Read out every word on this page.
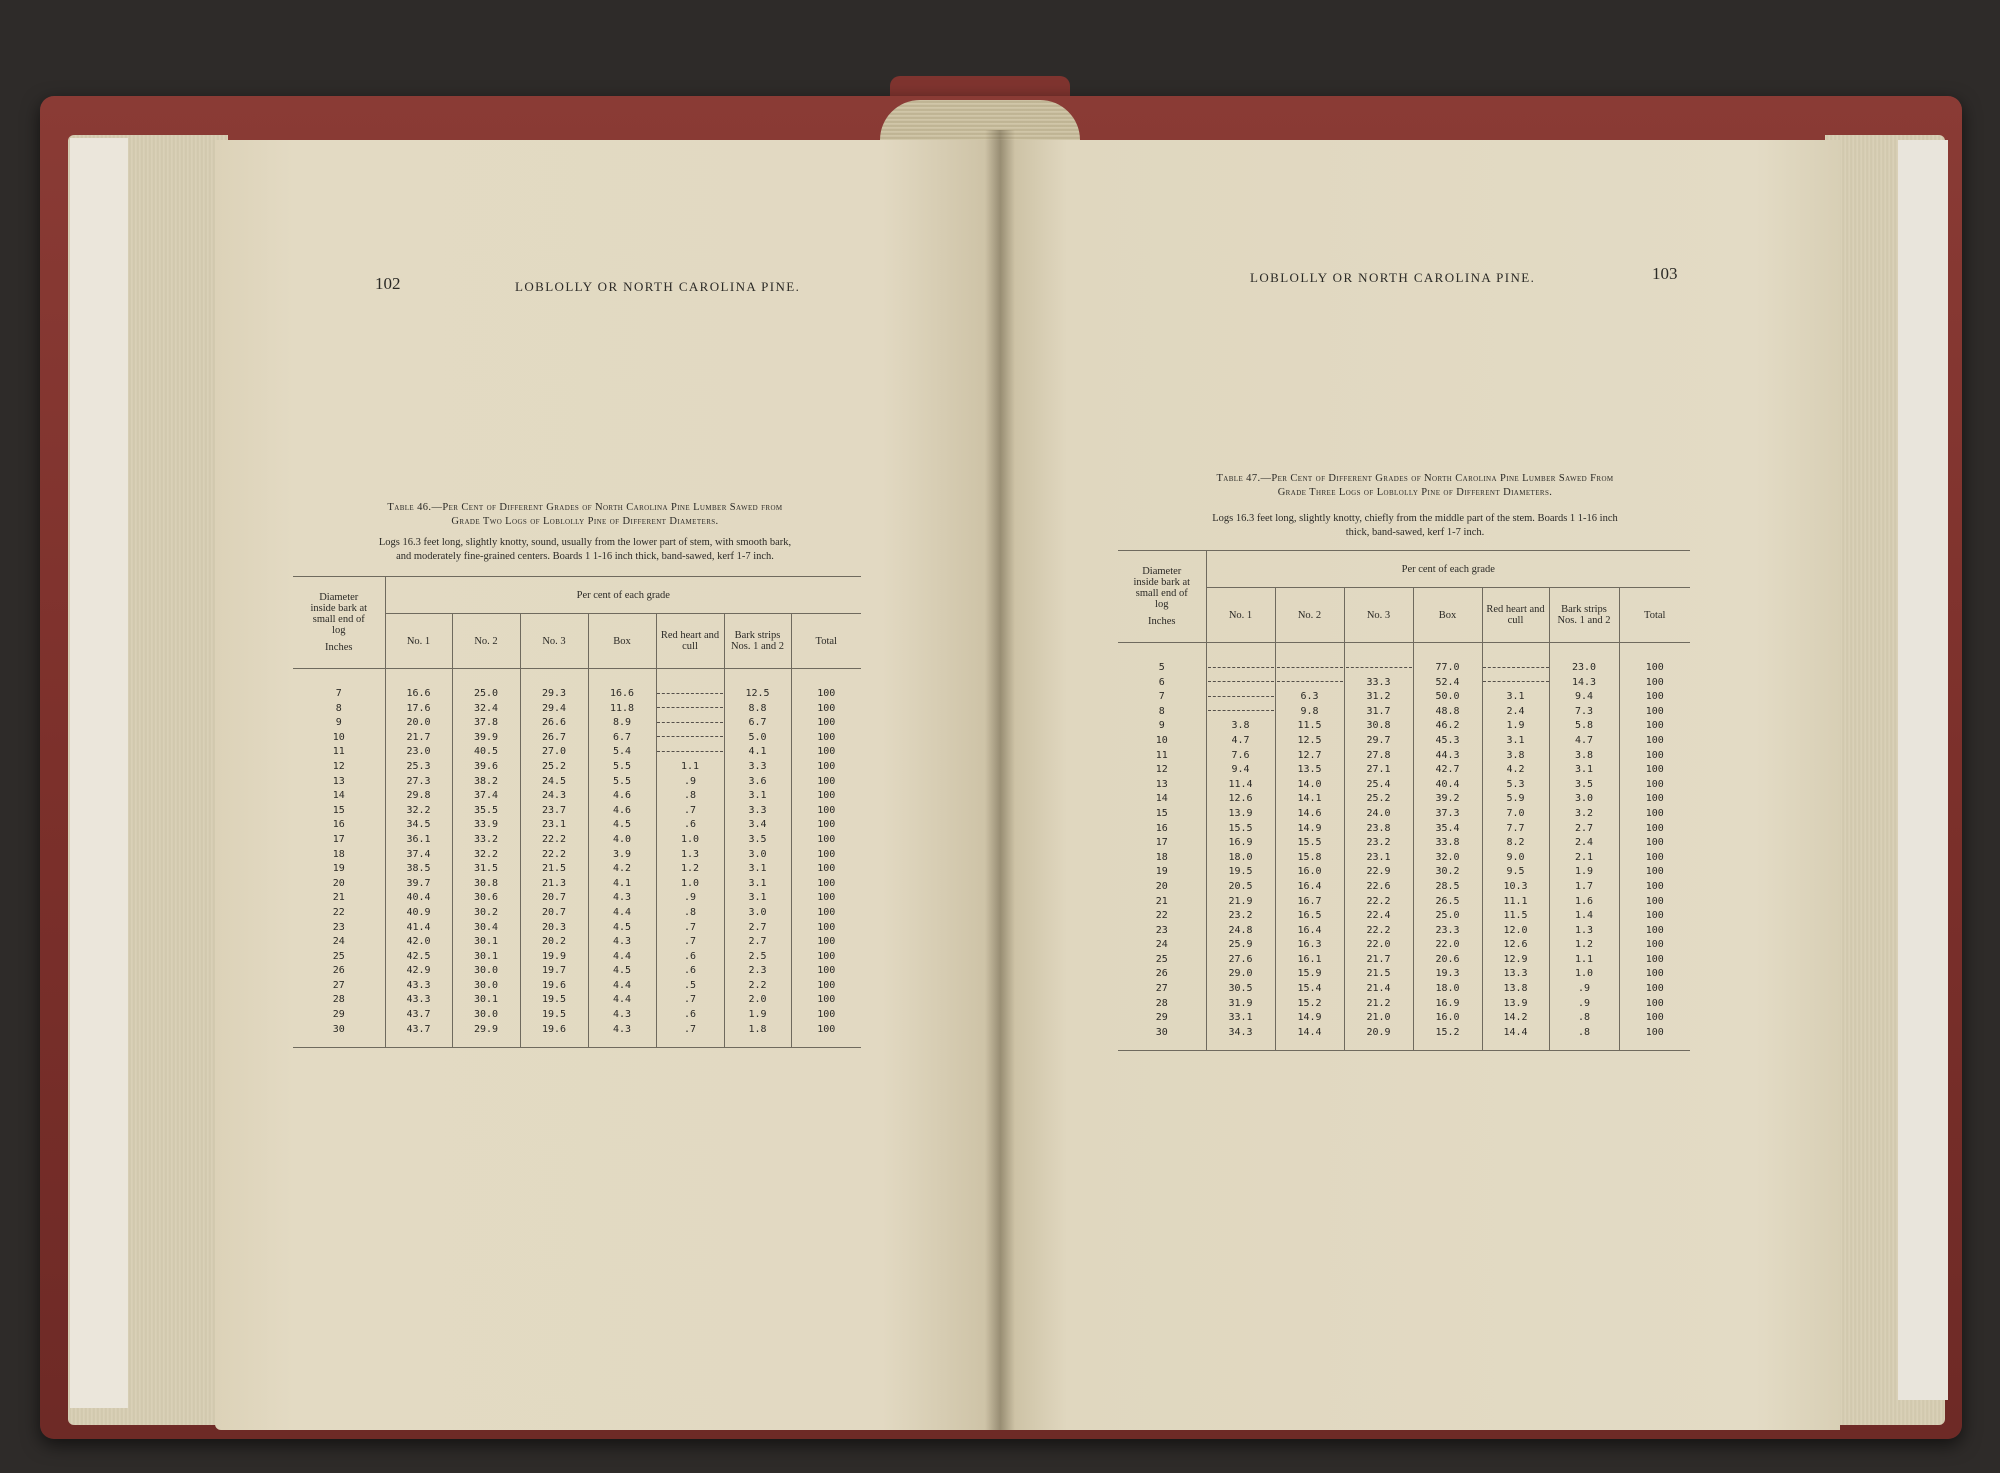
102	LOBLOLLY OR NORTH CAROLINA PINE.
Table 46.—Per Cent of Different Grades of North Carolina Pine Lumber Sawed from
Grade Two Logs of Loblolly Pine of Different Diameters.
Logs 16.3 feet long, slightly knotty, sound, usually from the lower part of stem, with smooth bark,
and moderately fine-grained centers. Boards 1 1-16 inch thick, band-sawed, kerf 1-7 inch.
Diameter inside bark at small end of log
Inches	Per cent of each grade						
	No. 1	No. 2	No. 3	Box	Red heart and cull	Bark strips Nos. 1 and 2	Total
7	16.6	25.0	29.3	16.6		12.5	100
8	17.6	32.4	29.4	11.8		8.8	100
9	20.0	37.8	26.6	8.9		6.7	100
10	21.7	39.9	26.7	6.7		5.0	100
11	23.0	40.5	27.0	5.4		4.1	100
12	25.3	39.6	25.2	5.5	1.1	3.3	100
13	27.3	38.2	24.5	5.5	.9	3.6	100
14	29.8	37.4	24.3	4.6	.8	3.1	100
15	32.2	35.5	23.7	4.6	.7	3.3	100
16	34.5	33.9	23.1	4.5	.6	3.4	100
17	36.1	33.2	22.2	4.0	1.0	3.5	100
18	37.4	32.2	22.2	3.9	1.3	3.0	100
19	38.5	31.5	21.5	4.2	1.2	3.1	100
20	39.7	30.8	21.3	4.1	1.0	3.1	100
21	40.4	30.6	20.7	4.3	.9	3.1	100
22	40.9	30.2	20.7	4.4	.8	3.0	100
23	41.4	30.4	20.3	4.5	.7	2.7	100
24	42.0	30.1	20.2	4.3	.7	2.7	100
25	42.5	30.1	19.9	4.4	.6	2.5	100
26	42.9	30.0	19.7	4.5	.6	2.3	100
27	43.3	30.0	19.6	4.4	.5	2.2	100
28	43.3	30.1	19.5	4.4	.7	2.0	100
29	43.7	30.0	19.5	4.3	.6	1.9	100
30	43.7	29.9	19.6	4.3	.7	1.8	100
LOBLOLLY OR NORTH CAROLINA PINE.	103
Table 47.—Per Cent of Different Grades of North Carolina Pine Lumber Sawed From
Grade Three Logs of Loblolly Pine of Different Diameters.
Logs 16.3 feet long, slightly knotty, chiefly from the middle part of the stem. Boards 1 1-16 inch
thick, band-sawed, kerf 1-7 inch.
Diameter inside bark at small end of log
Inches	Per cent of each grade						
	No. 1	No. 2	No. 3	Box	Red heart and cull	Bark strips Nos. 1 and 2	Total
5				77.0		23.0	100
6			33.3	52.4		14.3	100
7		6.3	31.2	50.0	3.1	9.4	100
8		9.8	31.7	48.8	2.4	7.3	100
9	3.8	11.5	30.8	46.2	1.9	5.8	100
10	4.7	12.5	29.7	45.3	3.1	4.7	100
11	7.6	12.7	27.8	44.3	3.8	3.8	100
12	9.4	13.5	27.1	42.7	4.2	3.1	100
13	11.4	14.0	25.4	40.4	5.3	3.5	100
14	12.6	14.1	25.2	39.2	5.9	3.0	100
15	13.9	14.6	24.0	37.3	7.0	3.2	100
16	15.5	14.9	23.8	35.4	7.7	2.7	100
17	16.9	15.5	23.2	33.8	8.2	2.4	100
18	18.0	15.8	23.1	32.0	9.0	2.1	100
19	19.5	16.0	22.9	30.2	9.5	1.9	100
20	20.5	16.4	22.6	28.5	10.3	1.7	100
21	21.9	16.7	22.2	26.5	11.1	1.6	100
22	23.2	16.5	22.4	25.0	11.5	1.4	100
23	24.8	16.4	22.2	23.3	12.0	1.3	100
24	25.9	16.3	22.0	22.0	12.6	1.2	100
25	27.6	16.1	21.7	20.6	12.9	1.1	100
26	29.0	15.9	21.5	19.3	13.3	1.0	100
27	30.5	15.4	21.4	18.0	13.8	.9	100
28	31.9	15.2	21.2	16.9	13.9	.9	100
29	33.1	14.9	21.0	16.0	14.2	.8	100
30	34.3	14.4	20.9	15.2	14.4	.8	100
